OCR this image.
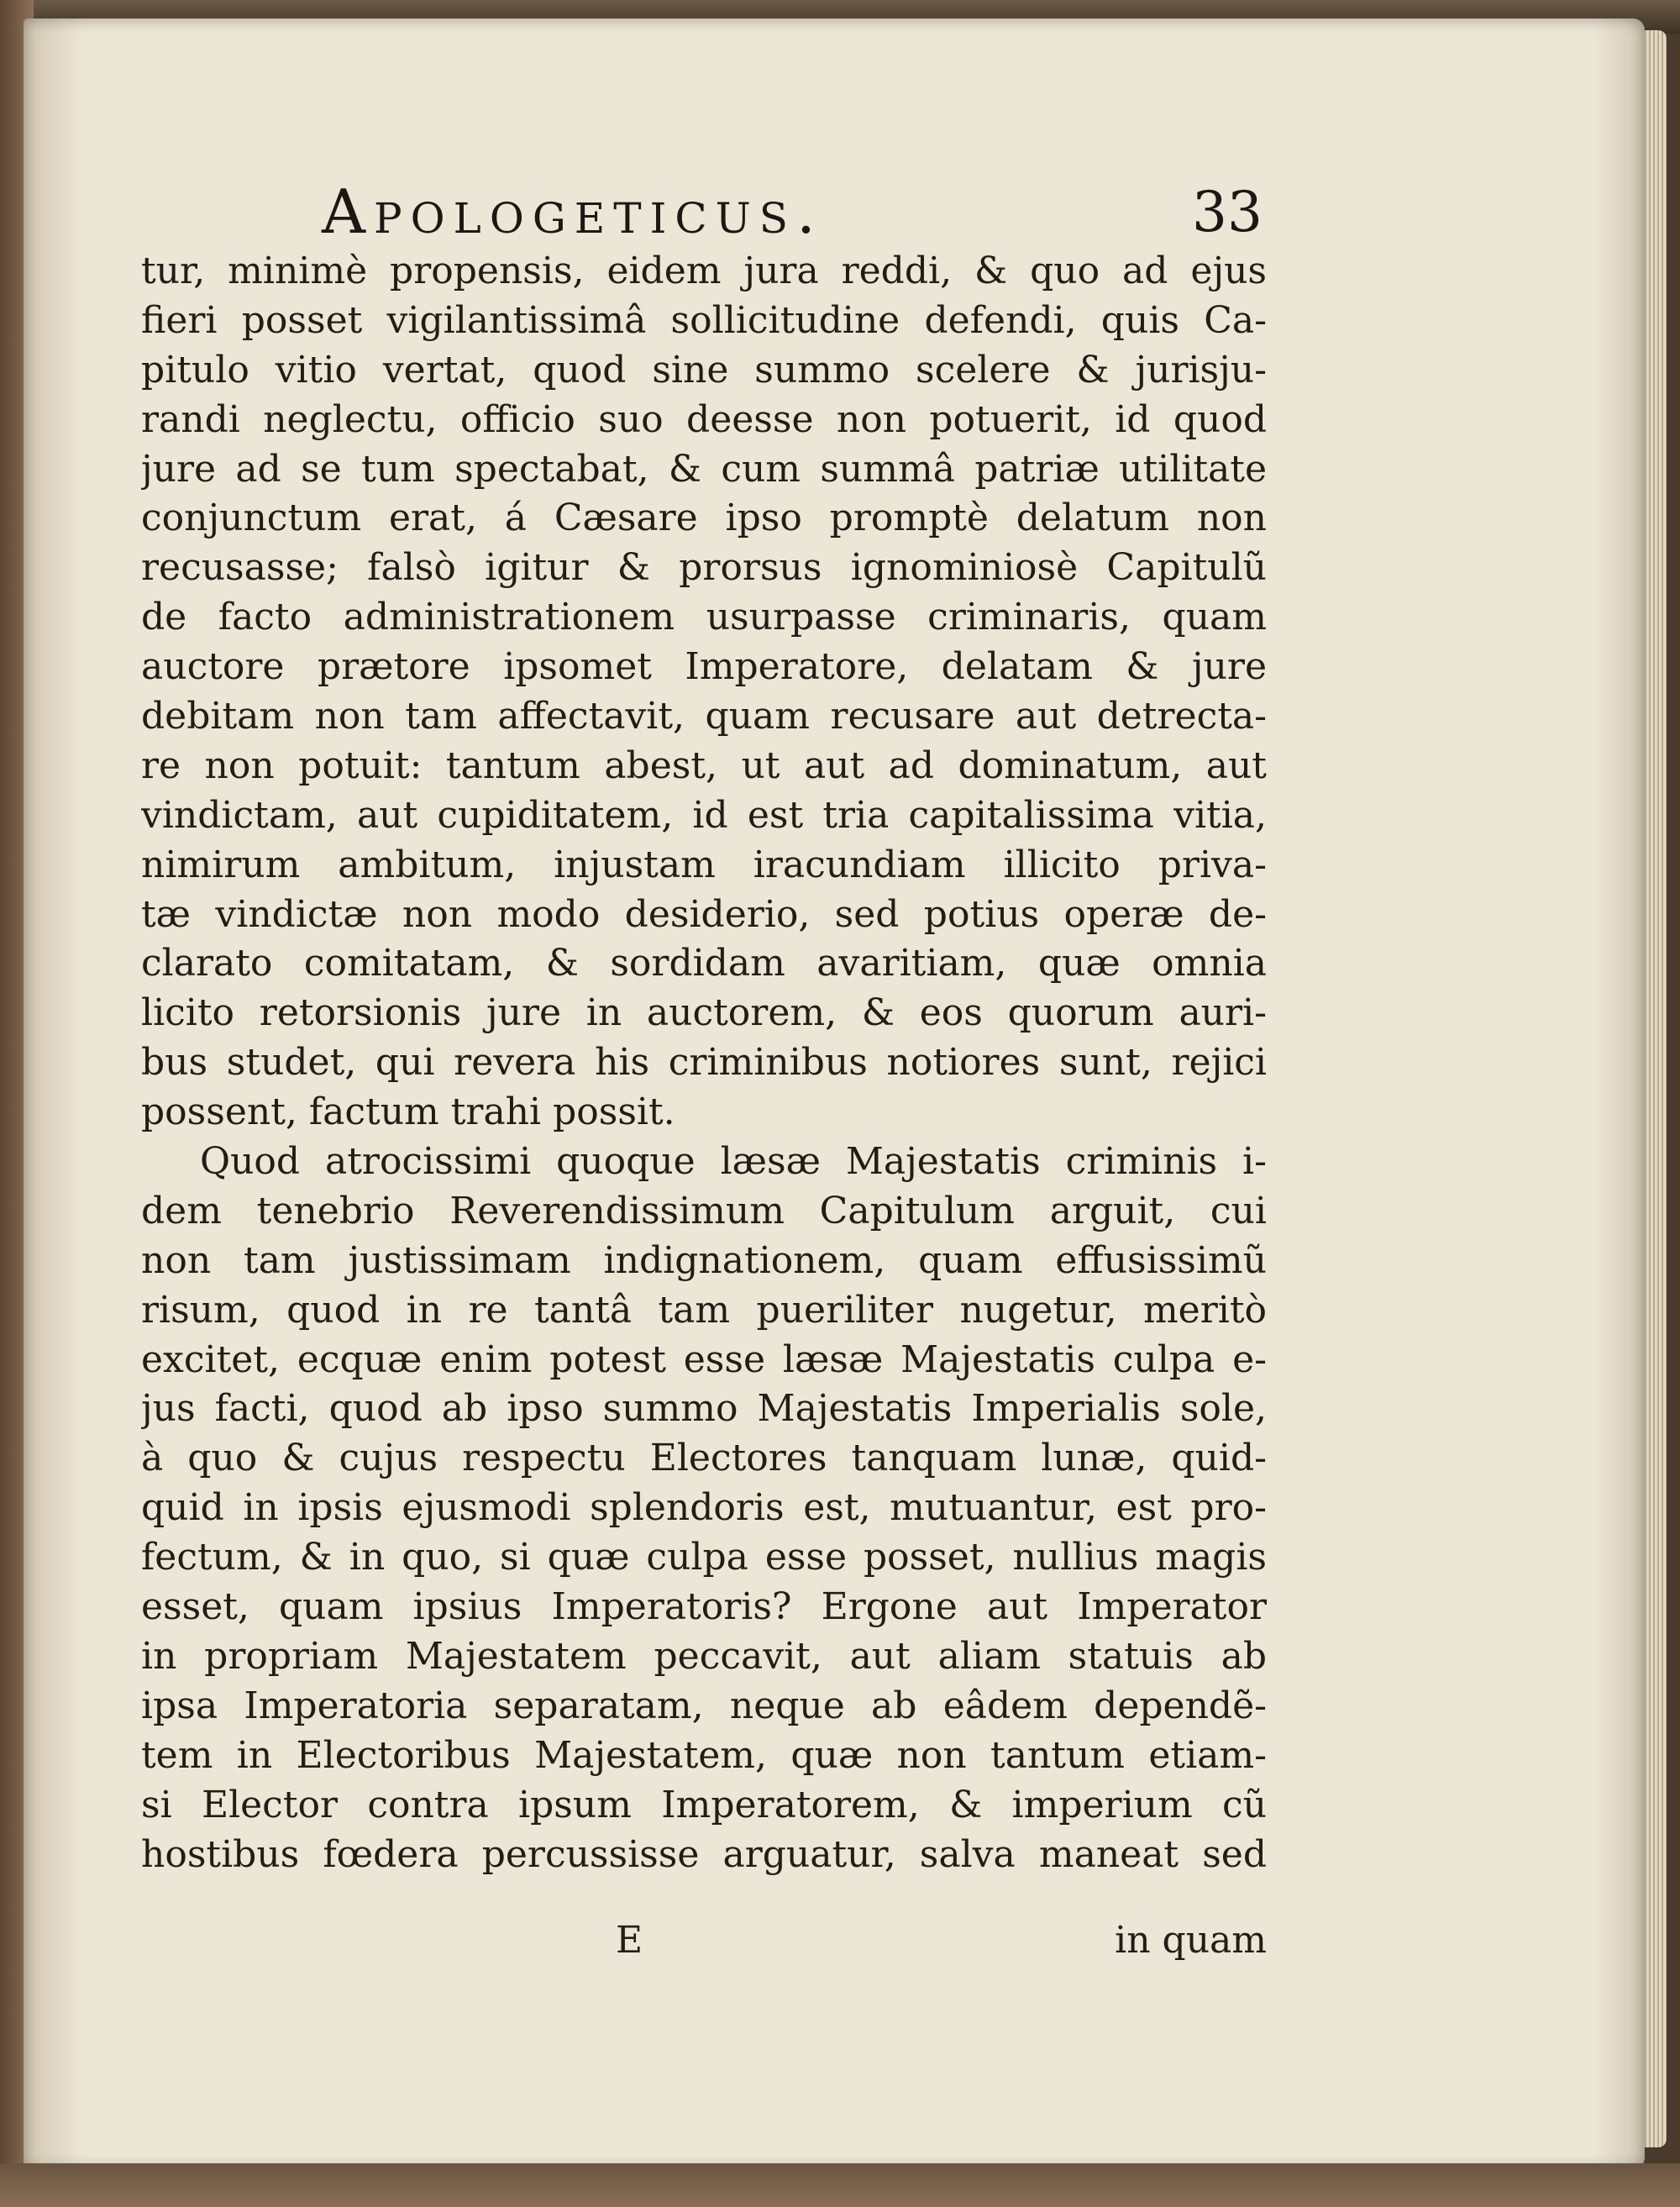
Apologeticus.	33
tur, minimè propensis, eidem jura reddi, & quo ad ejus
fieri posset vigilantissimâ sollicitudine defendi, quis Ca-
pitulo vitio vertat, quod sine summo scelere & jurisju-
randi neglectu, officio suo deesse non potuerit, id quod
jure ad se tum spectabat, & cum summâ patriæ utilitate
conjunctum erat, á Cæsare ipso promptè delatum non
recusasse; falsò igitur & prorsus ignominiosè Capitulũ
de facto administrationem usurpasse criminaris, quam
auctore prætore ipsomet Imperatore, delatam & jure
debitam non tam affectavit, quam recusare aut detrecta-
re non potuit: tantum abest, ut aut ad dominatum, aut
vindictam, aut cupiditatem, id est tria capitalissima vitia,
nimirum ambitum, injustam iracundiam illicito priva-
tæ vindictæ non modo desiderio, sed potius operæ de-
clarato comitatam, & sordidam avaritiam, quæ omnia
licito retorsionis jure in auctorem, & eos quorum auri-
bus studet, qui revera his criminibus notiores sunt, rejici
possent, factum trahi possit.
Quod atrocissimi quoque læsæ Majestatis criminis i-
dem tenebrio Reverendissimum Capitulum arguit, cui
non tam justissimam indignationem, quam effusissimũ
risum, quod in re tantâ tam pueriliter nugetur, meritò
excitet, ecquæ enim potest esse læsæ Majestatis culpa e-
jus facti, quod ab ipso summo Majestatis Imperialis sole,
à quo & cujus respectu Electores tanquam lunæ, quid-
quid in ipsis ejusmodi splendoris est, mutuantur, est pro-
fectum, & in quo, si quæ culpa esse posset, nullius magis
esset, quam ipsius Imperatoris? Ergone aut Imperator
in propriam Majestatem peccavit, aut aliam statuis ab
ipsa Imperatoria separatam, neque ab eâdem dependẽ-
tem in Electoribus Majestatem, quæ non tantum etiam-
si Elector contra ipsum Imperatorem, & imperium cũ
hostibus fœdera percussisse arguatur, salva maneat sed
E	in quam
